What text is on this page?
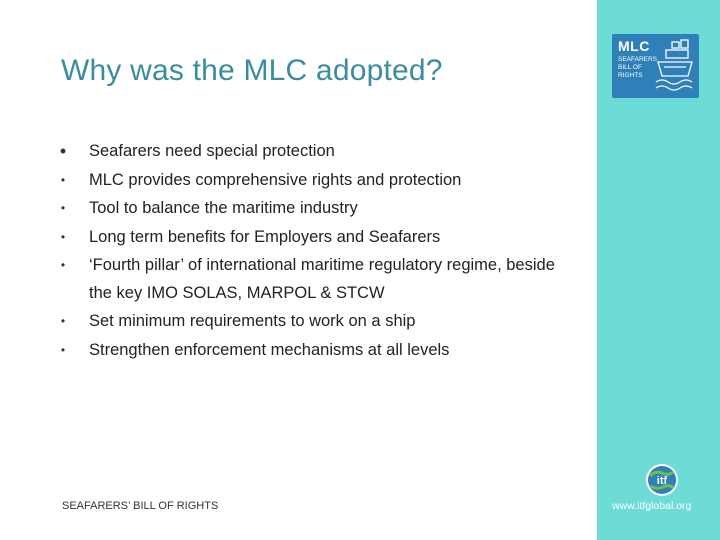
Why was the MLC adopted?
• Seafarers need special protection
• MLC provides comprehensive rights and protection
• Tool to balance the maritime industry
• Long term benefits for Employers and Seafarers
• ‘Fourth pillar’ of international maritime regulatory regime, beside the key IMO SOLAS, MARPOL & STCW
• Set minimum requirements to work on a ship
• Strengthen enforcement mechanisms at all levels
SEAFARERS’ BILL OF RIGHTS
MLC
SEAFARERS
BILL OF
RIGHTS
itf
www.itfglobal.org
